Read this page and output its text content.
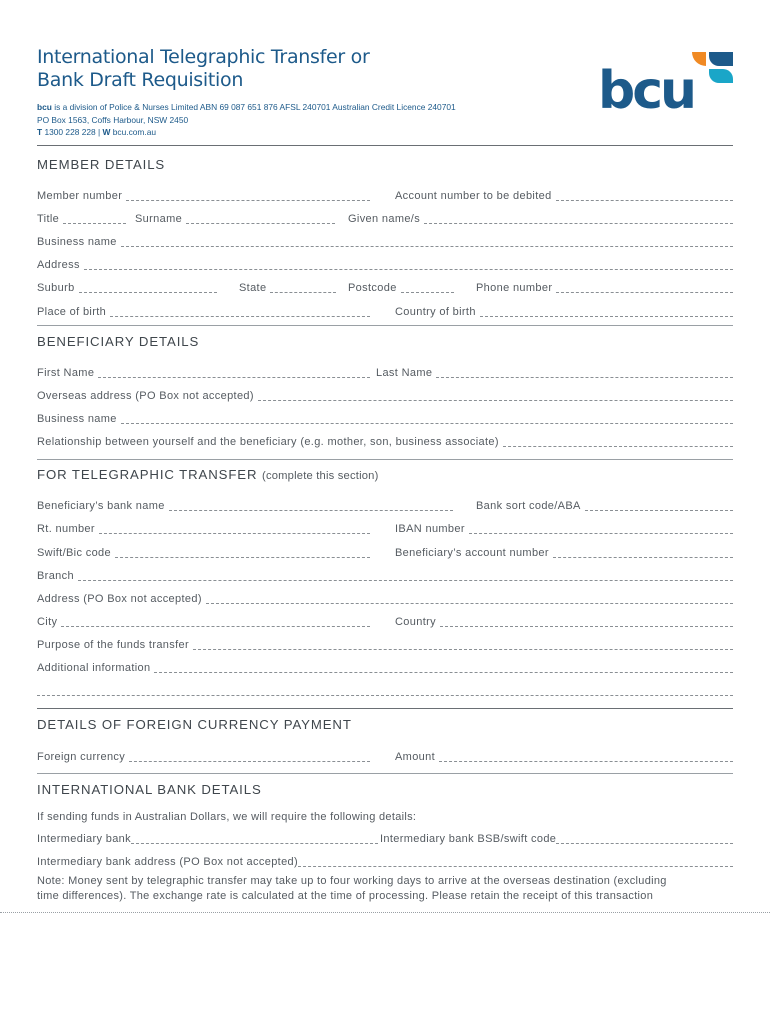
International Telegraphic Transfer or
Bank Draft Requisition
bcu is a division of Police & Nurses Limited ABN 69 087 651 876 AFSL 240701 Australian Credit Licence 240701
PO Box 1563, Coffs Harbour, NSW 2450
T 1300 228 228 | W bcu.com.au
bcu
MEMBER DETAILS
Member number	Account number to be debited
Title	Surname	Given name/s
Business name
Address
Suburb	State	Postcode	Phone number
Place of birth	Country of birth
BENEFICIARY DETAILS
First Name	Last Name
Overseas address (PO Box not accepted)
Business name
Relationship between yourself and the beneficiary (e.g. mother, son, business associate)
FOR TELEGRAPHIC TRANSFER (complete this section)
Beneficiary’s bank name	Bank sort code/ABA
Rt. number	IBAN number
Swift/Bic code	Beneficiary’s account number
Branch
Address (PO Box not accepted)
City	Country
Purpose of the funds transfer
Additional information
DETAILS OF FOREIGN CURRENCY PAYMENT
Foreign currency	Amount
INTERNATIONAL BANK DETAILS
If sending funds in Australian Dollars, we will require the following details:
Intermediary bank	Intermediary bank BSB/swift code
Intermediary bank address (PO Box not accepted)
Note: Money sent by telegraphic transfer may take up to four working days to arrive at the overseas destination (excluding
time differences). The exchange rate is calculated at the time of processing. Please retain the receipt of this transaction
